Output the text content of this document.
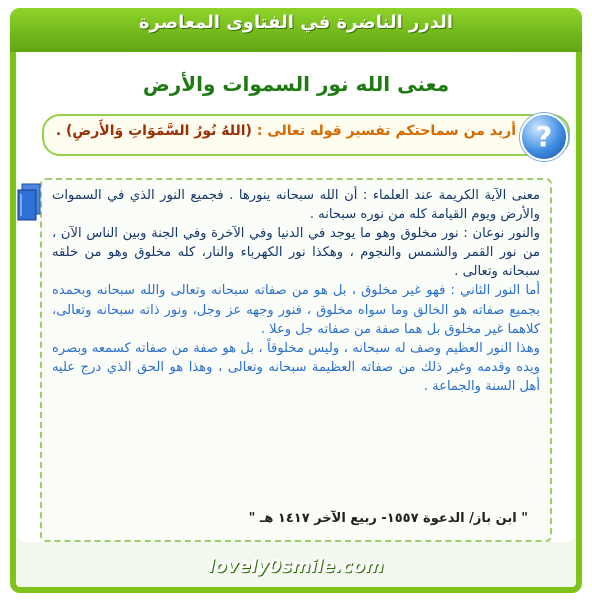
الدرر الناضرة في الفتاوى المعاصرة
معنى الله نور السموات والأرض
أريد من سماحتكم تفسير قوله تعالى : (اللهُ نُورُ السَّمَوَاتِ وَالأَرضِ) .	?

معنى الآية الكريمة عند العلماء : أن الله سبحانه ينورها . فجميع النور الذي في السموات والأرض ويوم القيامة كله من نوره سبحانه .

والنور نوعان : نور مخلوق وهو ما يوجد في الدنيا وفي الآخرة وفي الجنة وبين الناس الآن ، من نور القمر والشمس والنجوم ، وهكذا نور الكهرباء والنار، كله مخلوق وهو من خلقه سبحانه وتعالى .

أما النور الثاني : فهو غير مخلوق ، بل هو من صفاته سبحانه وتعالى والله سبحانه وبحمده بجميع صفاته هو الخالق وما سواه مخلوق ، فنور وجهه عز وجل، ونور ذاته سبحانه وتعالى، كلاهما غير مخلوق بل هما صفة من صفاته جل وعلا .

وهذا النور العظيم وصف له سبحانه ، وليس مخلوقاً ، بل هو صفة من صفاته كسمعه وبصره ويده وقدمه وغير ذلك من صفاته العظيمة سبحانه وتعالى ، وهذا هو الحق الذي درج عليه أهل السنة والجماعة .

" ابن باز/ الدعوة ١٥٥٧- ربيع الآخر ١٤١٧ هـ "
lovely0smile.com
